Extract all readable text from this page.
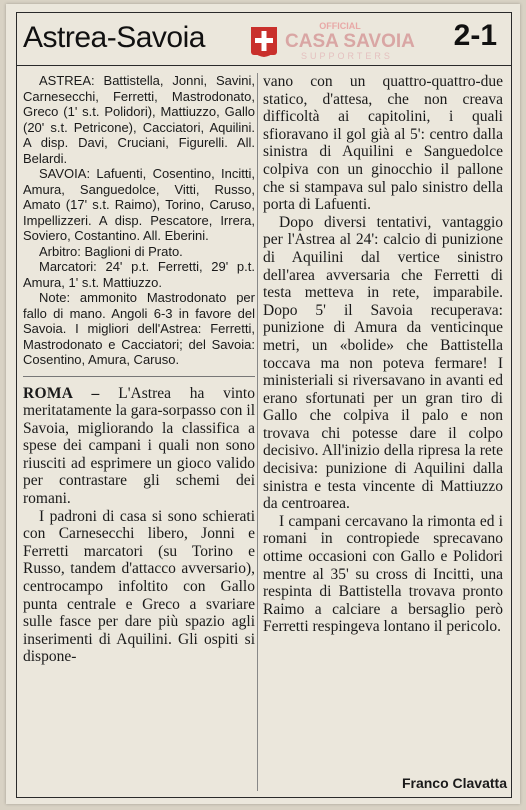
Astrea-Savoia	OFFICIAL
CASA SAVOIA
SUPPORTERS
2-1

ASTREA: Battistella, Jonni, Savini, Carnesecchi, Ferretti, Mastrodonato, Greco (1' s.t. Polidori), Mattiuzzo, Gallo (20' s.t. Petricone), Cacciatori, Aquilini. A disp. Davi, Cruciani, Figurelli. All. Belardi.

SAVOIA: Lafuenti, Cosentino, Incitti, Amura, Sanguedolce, Vitti, Russo, Amato (17' s.t. Raimo), Torino, Caruso, Impellizzeri. A disp. Pescatore, Irrera, Soviero, Costantino. All. Eberini.

Arbitro: Baglioni di Prato.

Marcatori: 24' p.t. Ferretti, 29' p.t. Amura, 1' s.t. Mattiuzzo.

Note: ammonito Mastrodonato per fallo di mano. Angoli 6-3 in favore del Savoia. I migliori dell'Astrea: Ferretti, Mastrodonato e Cacciatori; del Savoia: Cosentino, Amura, Caruso.

ROMA – L'Astrea ha vinto meritatamente la gara-sorpasso con il Savoia, migliorando la classifica a spese dei campani i quali non sono riusciti ad esprimere un gioco valido per contrastare gli schemi dei romani.

I padroni di casa si sono schierati con Carnesecchi libero, Jonni e Ferretti marcatori (su Torino e Russo, tandem d'attacco avversario), centrocampo infoltito con Gallo punta centrale e Greco a svariare sulle fasce per dare più spazio agli inserimenti di Aquilini. Gli ospiti si dispone-

vano con un quattro-quattro-due statico, d'attesa, che non creava difficoltà ai capitolini, i quali sfioravano il gol già al 5': centro dalla sinistra di Aquilini e Sanguedolce colpiva con un ginocchio il pallone che si stampava sul palo sinistro della porta di Lafuenti.

Dopo diversi tentativi, vantaggio per l'Astrea al 24': calcio di punizione di Aquilini dal vertice sinistro dell'area avversaria che Ferretti di testa metteva in rete, imparabile. Dopo 5' il Savoia recuperava: punizione di Amura da venticinque metri, un «bolide» che Battistella toccava ma non poteva fermare! I ministeriali si riversavano in avanti ed erano sfortunati per un gran tiro di Gallo che colpiva il palo e non trovava chi potesse dare il colpo decisivo. All'inizio della ripresa la rete decisiva: punizione di Aquilini dalla sinistra e testa vincente di Mattiuzzo da centroarea.

I campani cercavano la rimonta ed i romani in contropiede sprecavano ottime occasioni con Gallo e Polidori mentre al 35' su cross di Incitti, una respinta di Battistella trovava pronto Raimo a calciare a bersaglio però Ferretti respingeva lontano il pericolo.

Franco Clavatta
